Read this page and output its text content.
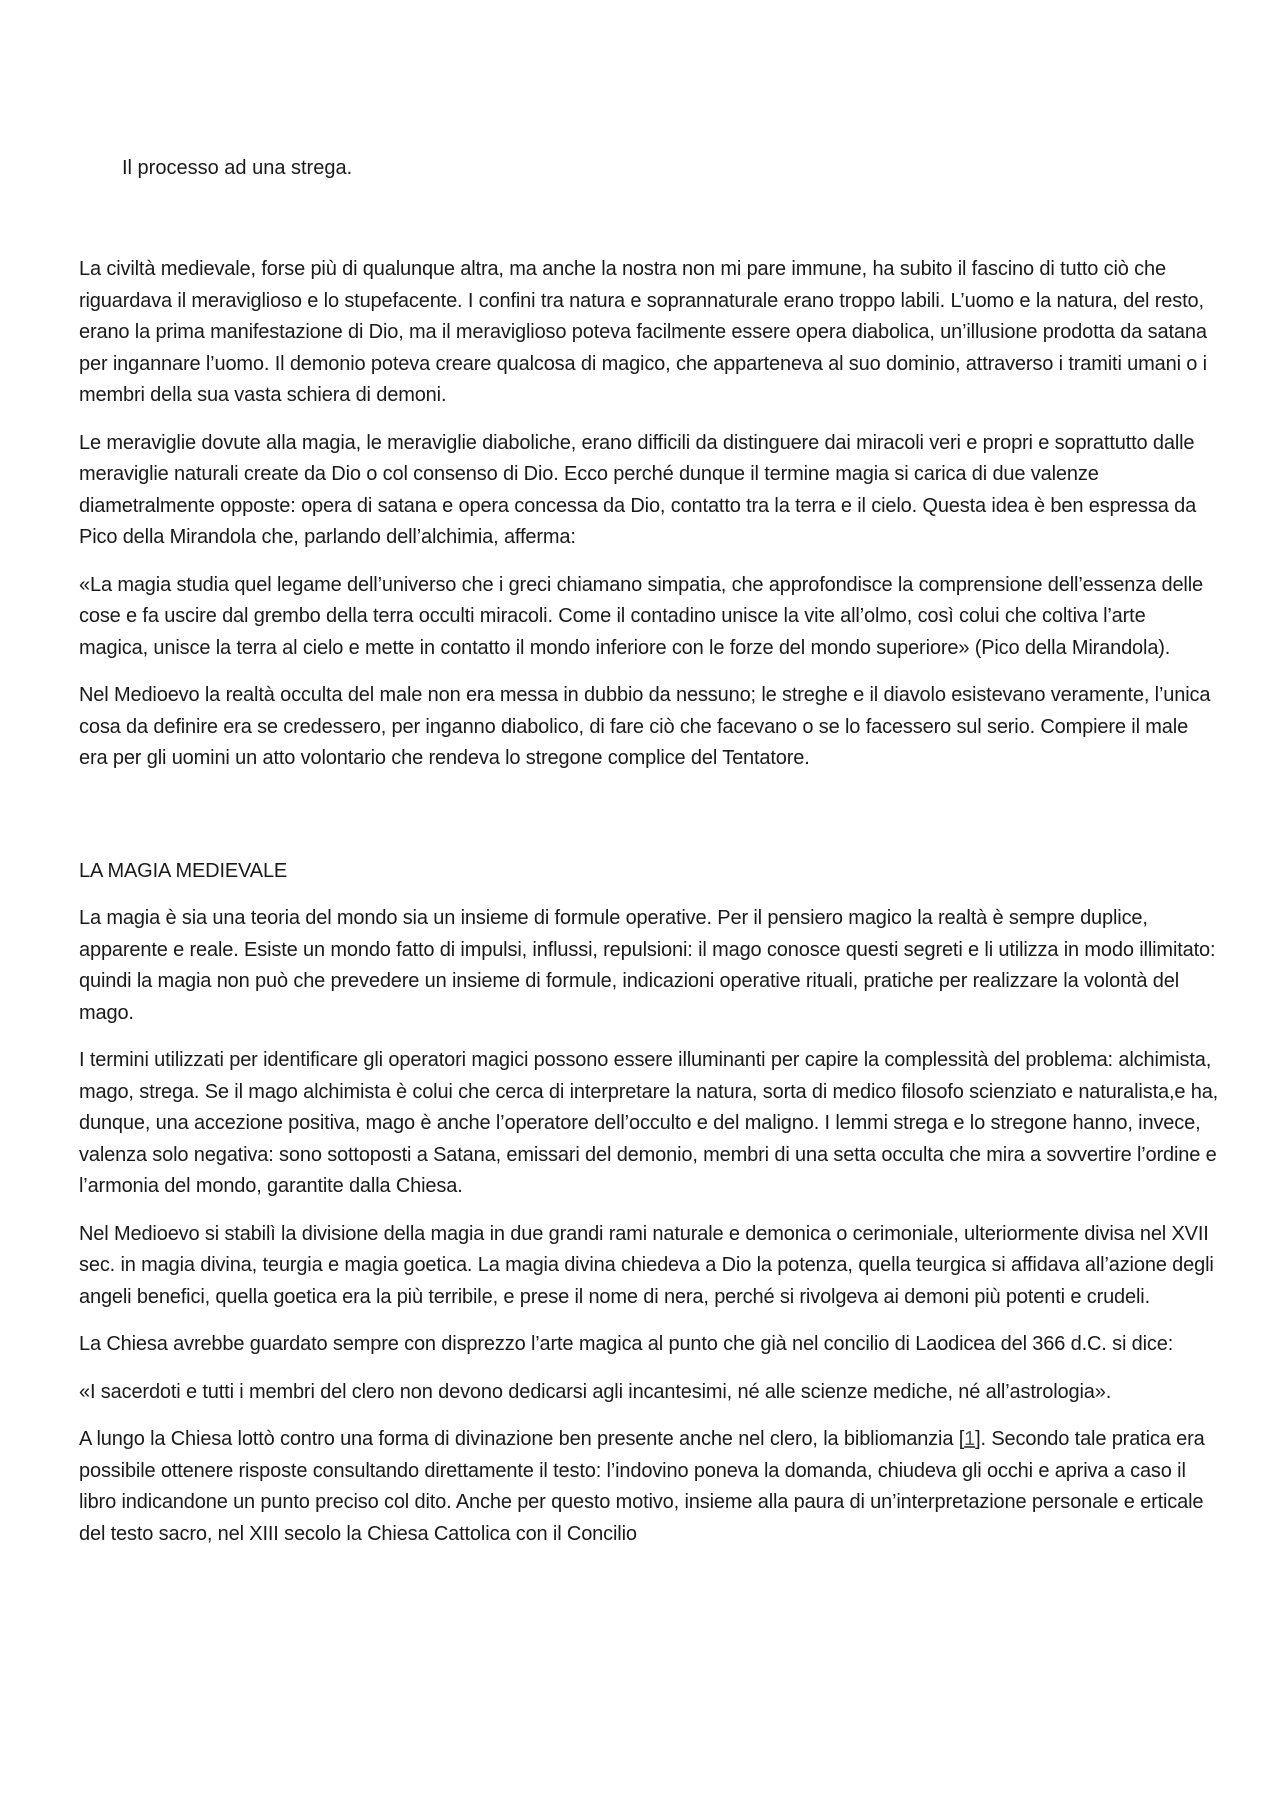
Il processo ad una strega.

La civiltà medievale, forse più di qualunque altra, ma anche la nostra non mi pare immune, ha subito il fascino di tutto ciò che riguardava il meraviglioso e lo stupefacente. I confini tra natura e soprannaturale erano troppo labili. L’uomo e la natura, del resto, erano la prima manifestazione di Dio, ma il meraviglioso poteva facilmente essere opera diabolica, un’illusione prodotta da satana per ingannare l’uomo. Il demonio poteva creare qualcosa di magico, che apparteneva al suo dominio, attraverso i tramiti umani o i membri della sua vasta schiera di demoni.

Le meraviglie dovute alla magia, le meraviglie diaboliche, erano difficili da distinguere dai miracoli veri e propri e soprattutto dalle meraviglie naturali create da Dio o col consenso di Dio. Ecco perché dunque il termine magia si carica di due valenze diametralmente opposte: opera di satana e opera concessa da Dio, contatto tra la terra e il cielo. Questa idea è ben espressa da Pico della Mirandola che, parlando dell’alchimia, afferma:

«La magia studia quel legame dell’universo che i greci chiamano simpatia, che approfondisce la comprensione dell’essenza delle cose e fa uscire dal grembo della terra occulti miracoli. Come il contadino unisce la vite all’olmo, così colui che coltiva l’arte magica, unisce la terra al cielo e mette in contatto il mondo inferiore con le forze del mondo superiore» (Pico della Mirandola).

Nel Medioevo la realtà occulta del male non era messa in dubbio da nessuno; le streghe e il diavolo esistevano veramente, l’unica cosa da definire era se credessero, per inganno diabolico, di fare ciò che facevano o se lo facessero sul serio. Compiere il male era per gli uomini un atto volontario che rendeva lo stregone complice del Tentatore.

LA MAGIA MEDIEVALE

La magia è sia una teoria del mondo sia un insieme di formule operative. Per il pensiero magico la realtà è sempre duplice, apparente e reale. Esiste un mondo fatto di impulsi, influssi, repulsioni: il mago conosce questi segreti e li utilizza in modo illimitato: quindi la magia non può che prevedere un insieme di formule, indicazioni operative rituali, pratiche per realizzare la volontà del mago.

I termini utilizzati per identificare gli operatori magici possono essere illuminanti per capire la complessità del problema: alchimista, mago, strega. Se il mago alchimista è colui che cerca di interpretare la natura, sorta di medico filosofo scienziato e naturalista,e ha, dunque, una accezione positiva, mago è anche l’operatore dell’occulto e del maligno. I lemmi strega e lo stregone hanno, invece, valenza solo negativa: sono sottoposti a Satana, emissari del demonio, membri di una setta occulta che mira a sovvertire l’ordine e l’armonia del mondo, garantite dalla Chiesa.

Nel Medioevo si stabilì la divisione della magia in due grandi rami naturale e demonica o cerimoniale, ulteriormente divisa nel XVII sec. in magia divina, teurgia e magia goetica. La magia divina chiedeva a Dio la potenza, quella teurgica si affidava all’azione degli angeli benefici, quella goetica era la più terribile, e prese il nome di nera, perché si rivolgeva ai demoni più potenti e crudeli.

La Chiesa avrebbe guardato sempre con disprezzo l’arte magica al punto che già nel concilio di Laodicea del 366 d.C. si dice:

«I sacerdoti e tutti i membri del clero non devono dedicarsi agli incantesimi, né alle scienze mediche, né all’astrologia».

A lungo la Chiesa lottò contro una forma di divinazione ben presente anche nel clero, la bibliomanzia [1]. Secondo tale pratica era possibile ottenere risposte consultando direttamente il testo: l’indovino poneva la domanda, chiudeva gli occhi e apriva a caso il libro indicandone un punto preciso col dito. Anche per questo motivo, insieme alla paura di un’interpretazione personale e erticale del testo sacro, nel XIII secolo la Chiesa Cattolica con il Concilio
